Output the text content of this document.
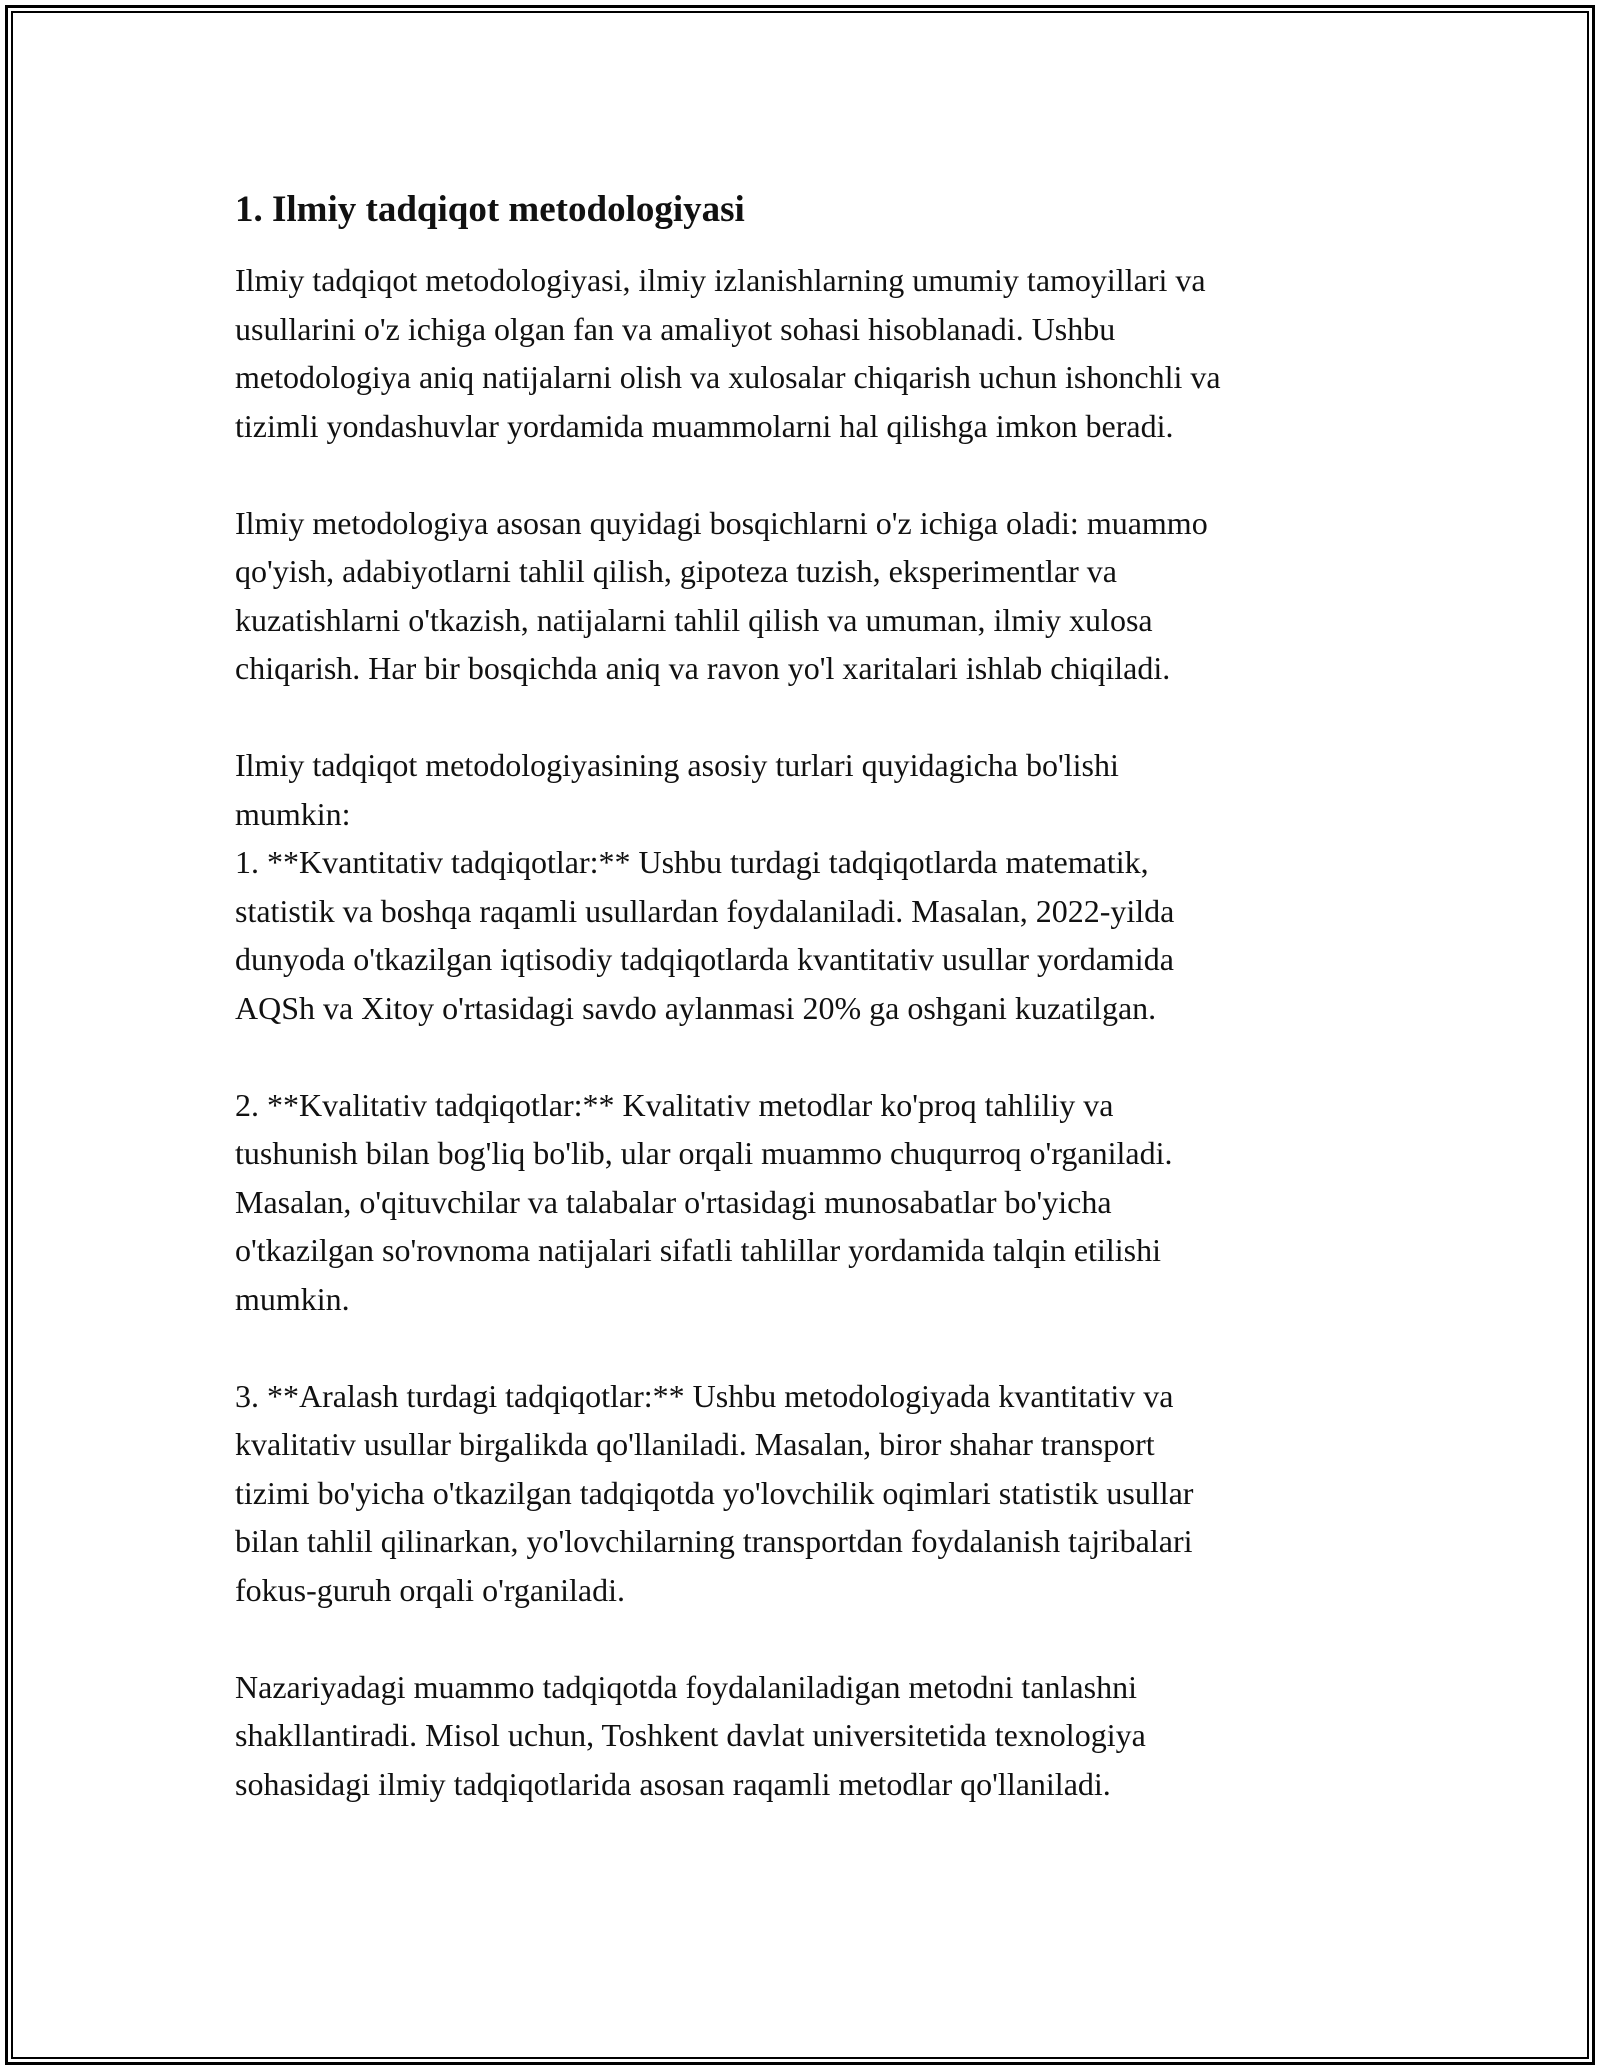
1. Ilmiy tadqiqot metodologiyasi

Ilmiy tadqiqot metodologiyasi, ilmiy izlanishlarning umumiy tamoyillari va
usullarini o'z ichiga olgan fan va amaliyot sohasi hisoblanadi. Ushbu
metodologiya aniq natijalarni olish va xulosalar chiqarish uchun ishonchli va
tizimli yondashuvlar yordamida muammolarni hal qilishga imkon beradi.

Ilmiy metodologiya asosan quyidagi bosqichlarni o'z ichiga oladi: muammo
qo'yish, adabiyotlarni tahlil qilish, gipoteza tuzish, eksperimentlar va
kuzatishlarni o'tkazish, natijalarni tahlil qilish va umuman, ilmiy xulosa
chiqarish. Har bir bosqichda aniq va ravon yo'l xaritalari ishlab chiqiladi.

Ilmiy tadqiqot metodologiyasining asosiy turlari quyidagicha bo'lishi
mumkin:
1. **Kvantitativ tadqiqotlar:** Ushbu turdagi tadqiqotlarda matematik,
statistik va boshqa raqamli usullardan foydalaniladi. Masalan, 2022-yilda
dunyoda o'tkazilgan iqtisodiy tadqiqotlarda kvantitativ usullar yordamida
AQSh va Xitoy o'rtasidagi savdo aylanmasi 20% ga oshgani kuzatilgan.

2. **Kvalitativ tadqiqotlar:** Kvalitativ metodlar ko'proq tahliliy va
tushunish bilan bog'liq bo'lib, ular orqali muammo chuqurroq o'rganiladi.
Masalan, o'qituvchilar va talabalar o'rtasidagi munosabatlar bo'yicha
o'tkazilgan so'rovnoma natijalari sifatli tahlillar yordamida talqin etilishi
mumkin.

3. **Aralash turdagi tadqiqotlar:** Ushbu metodologiyada kvantitativ va
kvalitativ usullar birgalikda qo'llaniladi. Masalan, biror shahar transport
tizimi bo'yicha o'tkazilgan tadqiqotda yo'lovchilik oqimlari statistik usullar
bilan tahlil qilinarkan, yo'lovchilarning transportdan foydalanish tajribalari
fokus-guruh orqali o'rganiladi.

Nazariyadagi muammo tadqiqotda foydalaniladigan metodni tanlashni
shakllantiradi. Misol uchun, Toshkent davlat universitetida texnologiya
sohasidagi ilmiy tadqiqotlarida asosan raqamli metodlar qo'llaniladi.
